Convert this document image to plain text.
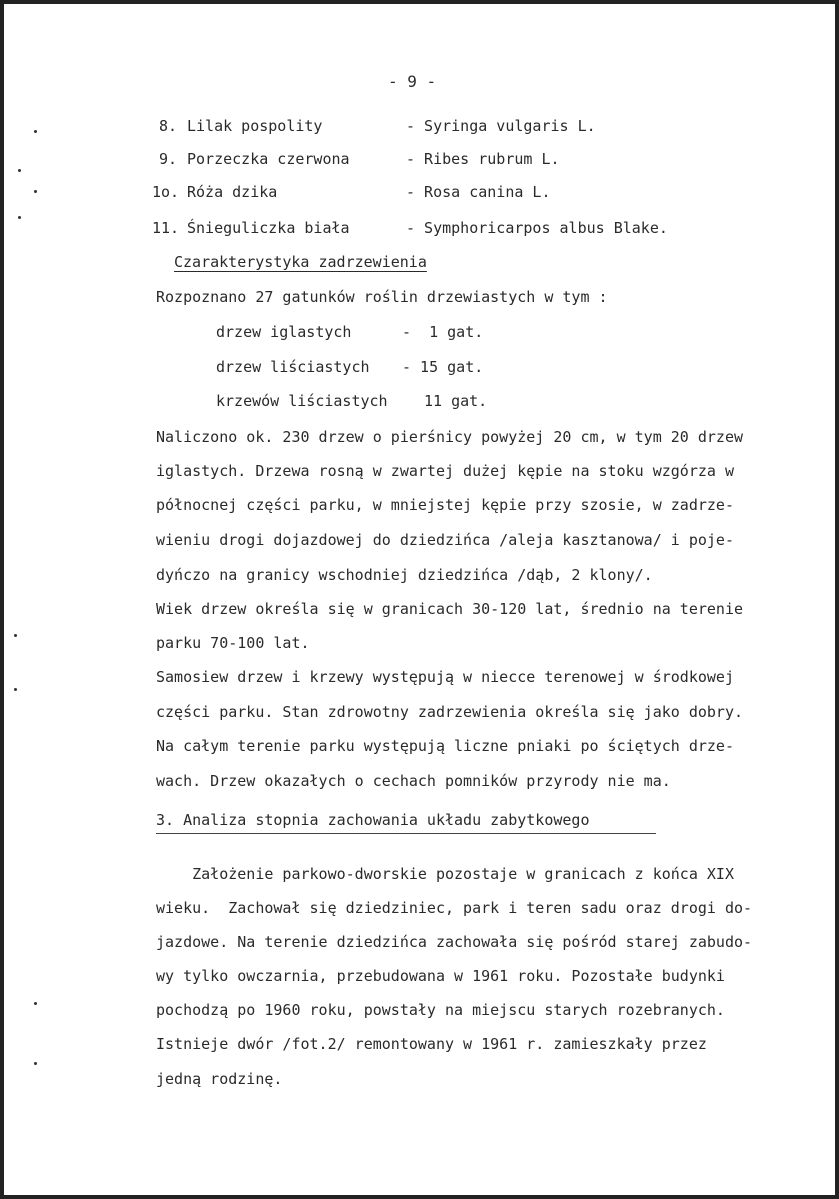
- 9 -
8. Lilak pospolity	- Syringa vulgaris L.
9. Porzeczka czerwona	- Ribes rubrum L.
1o. Róża dzika	- Rosa canina L.
11. Śnieguliczka biała	- Symphoricarpos albus Blake.
Czarakterystyka zadrzewienia
Rozpoznano 27 gatunków roślin drzewiastych w tym :
drzew iglastych	-  1 gat.
drzew liściastych - 15 gat.
krzewów liściastych 11 gat.
Naliczono ok. 230 drzew o pierśnicy powyżej 20 cm, w tym 20 drzew
iglastych. Drzewa rosną w zwartej dużej kępie na stoku wzgórza w
północnej części parku, w mniejstej kępie przy szosie, w zadrze-
wieniu drogi dojazdowej do dziedzińca /aleja kasztanowa/ i poje-
dyńczo na granicy wschodniej dziedzińca /dąb, 2 klony/.
Wiek drzew określa się w granicach 30-120 lat, średnio na terenie
parku 70-100 lat.
Samosiew drzew i krzewy występują w niecce terenowej w środkowej
części parku. Stan zdrowotny zadrzewienia określa się jako dobry.
Na całym terenie parku występują liczne pniaki po ściętych drze-
wach. Drzew okazałych o cechach pomników przyrody nie ma.
3. Analiza stopnia zachowania układu zabytkowego
Założenie parkowo-dworskie pozostaje w granicach z końca XIX
wieku.  Zachował się dziedziniec, park i teren sadu oraz drogi do-
jazdowe. Na terenie dziedzińca zachowała się pośród starej zabudo-
wy tylko owczarnia, przebudowana w 1961 roku. Pozostałe budynki
pochodzą po 1960 roku, powstały na miejscu starych rozebranych.
Istnieje dwór /fot.2/ remontowany w 1961 r. zamieszkały przez
jedną rodzinę.
